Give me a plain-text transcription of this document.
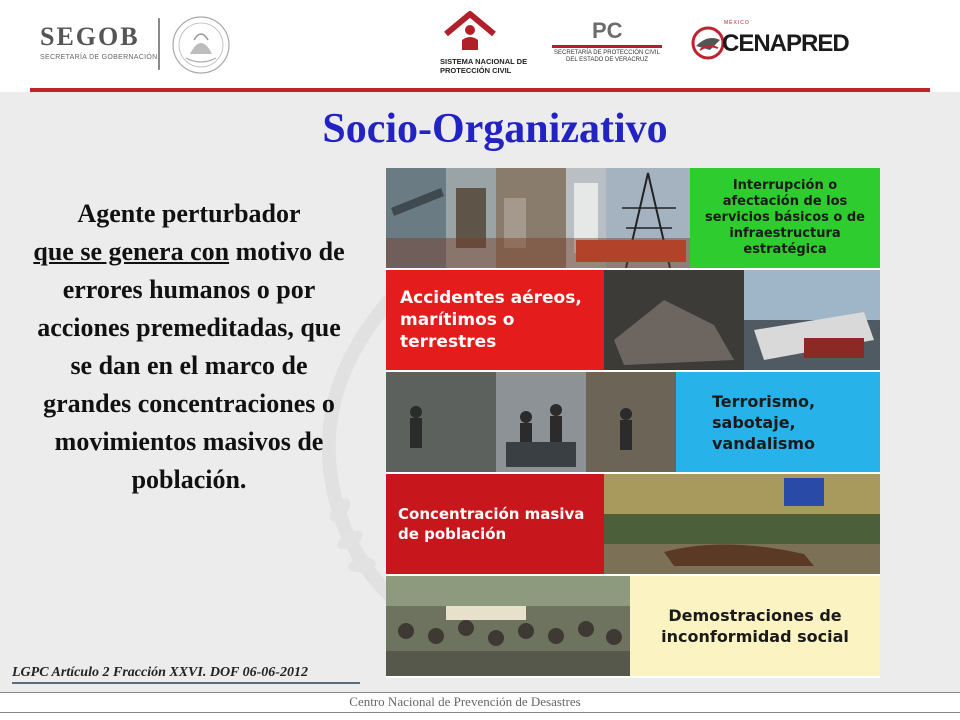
SEGOB
SECRETARÍA DE GOBERNACIÓN	SISTEMA NACIONAL DE PROTECCIÓN CIVIL
PC
SECRETARÍA DE PROTECCIÓN CIVIL DEL ESTADO DE VERACRUZ
MÉXICO
CENAPRED
Socio-Organizativo
Agente perturbador
que se genera con motivo de errores humanos o por acciones premeditadas, que se dan en el marco de grandes concentraciones o movimientos masivos de población.
LGPC Artículo 2 Fracción XXVI. DOF 06-06-2012
Interrupción o afectación de los servicios básicos o de infraestructura estratégica
Accidentes aéreos, marítimos o terrestres
Terrorismo, sabotaje, vandalismo
Concentración masiva de población
Demostraciones de inconformidad social
Centro Nacional de Prevención de Desastres
